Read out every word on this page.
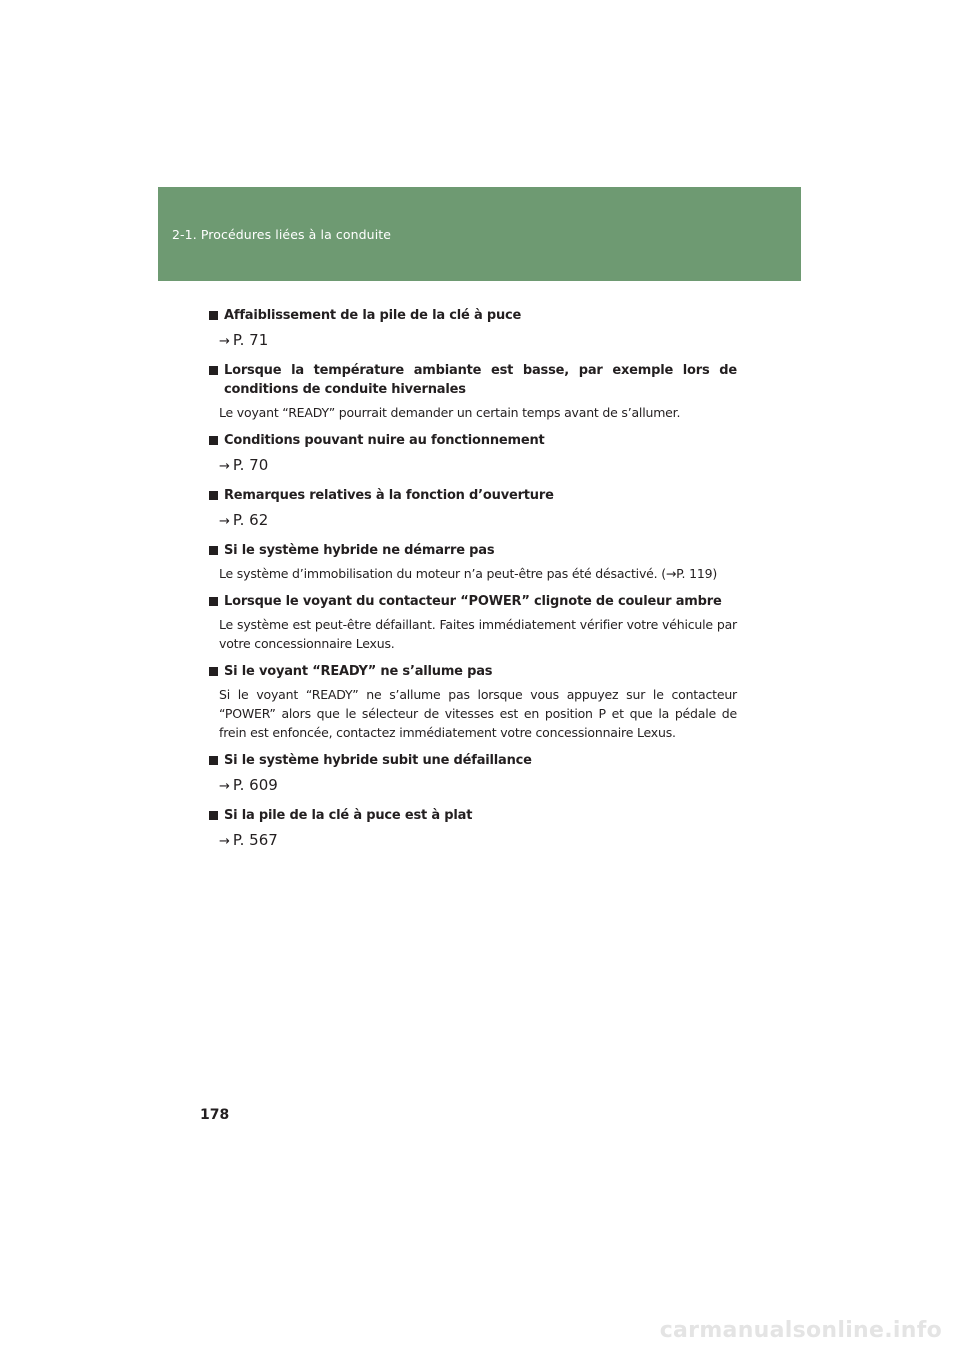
2-1. Procédures liées à la conduite
Affaiblissement de la pile de la clé à puce
→ P. 71
Lorsque la température ambiante est basse, par exemple lors de conditions de conduite hivernales
Le voyant “READY” pourrait demander un certain temps avant de s’allumer.
Conditions pouvant nuire au fonctionnement
→ P. 70
Remarques relatives à la fonction d’ouverture
→ P. 62
Si le système hybride ne démarre pas
Le système d’immobilisation du moteur n’a peut-être pas été désactivé. (→P. 119)
Lorsque le voyant du contacteur “POWER” clignote de couleur ambre
Le système est peut-être défaillant. Faites immédiatement vérifier votre véhicule par votre concessionnaire Lexus.
Si le voyant “READY” ne s’allume pas
Si le voyant “READY” ne s’allume pas lorsque vous appuyez sur le contacteur “POWER” alors que le sélecteur de vitesses est en position P et que la pédale de frein est enfoncée, contactez immédiatement votre concessionnaire Lexus.
Si le système hybride subit une défaillance
→ P. 609
Si la pile de la clé à puce est à plat
→ P. 567
178
carmanualsonline.info
